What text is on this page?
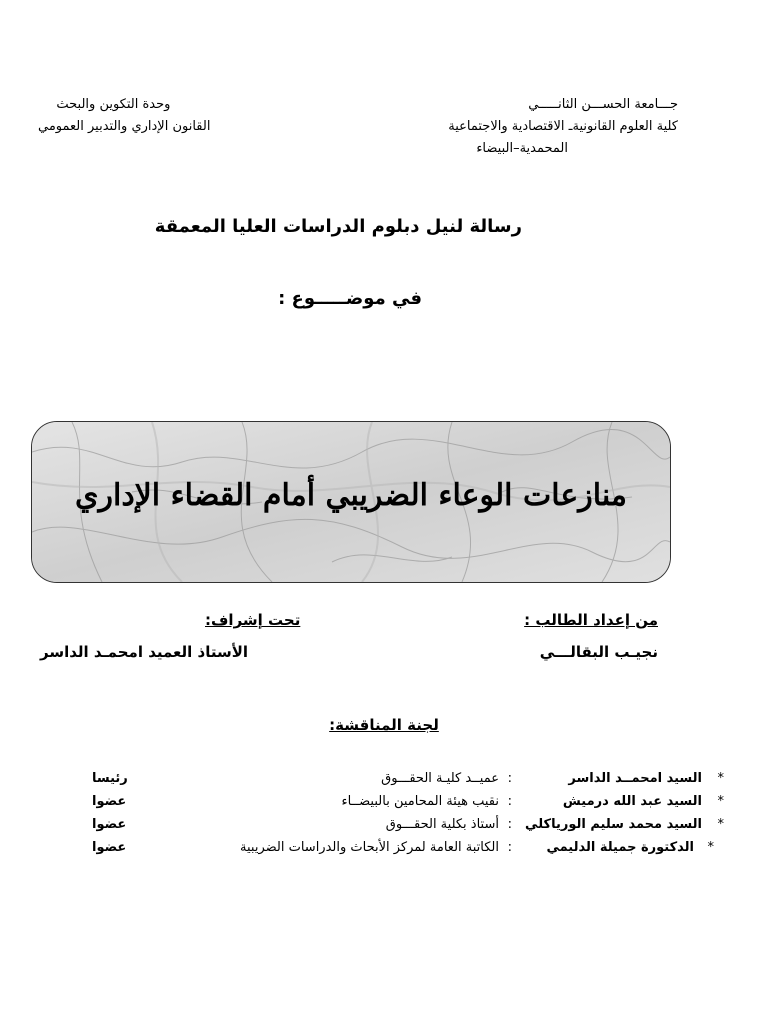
جـــامعة الحســـن الثانـــــي
كلية العلوم القانونيةـ الاقتصادية والاجتماعية
المحمدية–البيضاء
وحدة التكوين والبحث
القانون الإداري والتدبير العمومي
رسالة لنيل دبلوم الدراسات العليا المعمقة
في موضـــــوع :
منازعات الوعاء الضريبي أمام القضاء الإداري
من إعداد الطالب :
تحت إشراف:
نجيـب البقالـــي
الأستاذ العميد امحمـد الداسر
لجنة المناقشة:
*
السيد امحمــد الداسر
:
عميــد كليـة الحقـــوق
رئيسا
*
السيد عبد الله درميش
:
نقيب هيئة المحامين بالبيضــاء
عضوا
*
السيد محمد سليم الورياكلي
:
أستاذ بكلية الحقـــوق
عضوا
*
الدكتورة جميلة الدليمي
:
الكاتبة العامة لمركز الأبحاث والدراسات الضريبية
عضوا
